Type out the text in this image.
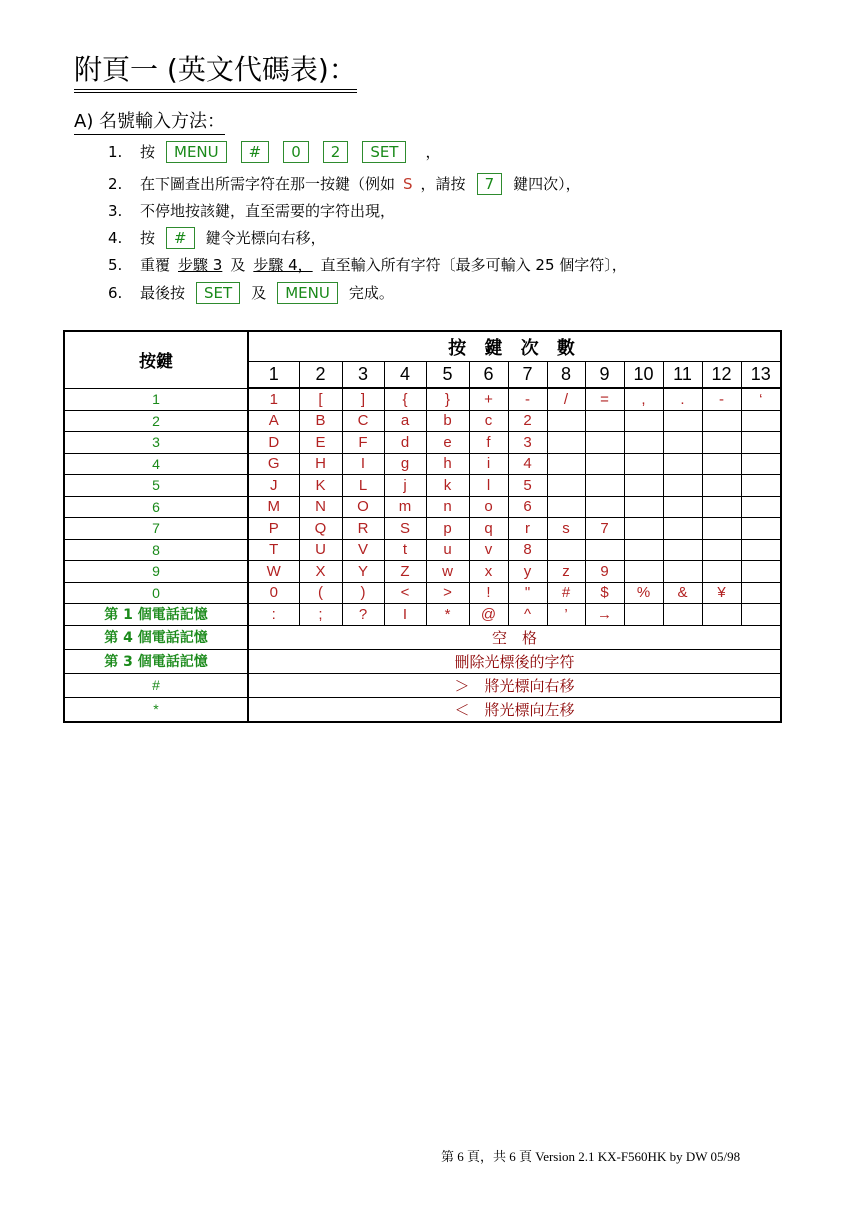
附頁一 (英文代碼表)：
A) 名號輸入方法：
1.	按	MENU	#	0	2	SET	，
2.	在下圖查出所需字符在那一按鍵（例如 S ，請按	7	鍵四次），
3.	不停地按該鍵，直至需要的字符出現，
4.	按	#	鍵令光標向右移，
5.	重覆 步驟 3 及 步驟 4， 直至輸入所有字符〔最多可輸入 25 個字符〕，
6.	最後按	SET	及	MENU	完成。
按鍵	按 鍵 次 數												
	1	2	3	4	5	6	7	8	9	10	11	12	13
1	1	[	]	{	}	+	-	/	=	,	.	-	‘
2	A	B	C	a	b	c	2						
3	D	E	F	d	e	f	3						
4	G	H	I	g	h	i	4						
5	J	K	L	j	k	l	5						
6	M	N	O	m	n	o	6						
7	P	Q	R	S	p	q	r	s	7				
8	T	U	V	t	u	v	8						
9	W	X	Y	Z	w	x	y	z	9				
0	0	(	)	<	>	!	"	#	$	%	&	¥	
第 1 個電話記憶	:	;	?	I	*	@	^	’	→				
第 4 個電話記憶	空　格												
第 3 個電話記憶	刪除光標後的字符												
#	＞　將光標向右移												
*	＜　將光標向左移												
第 6 頁，共 6 頁 Version 2.1 KX-F560HK by DW 05/98
